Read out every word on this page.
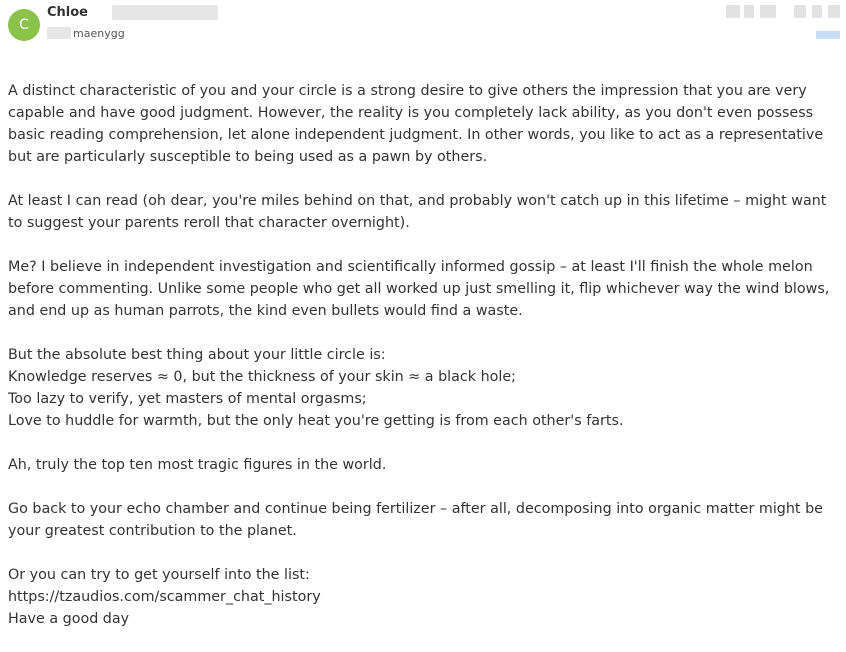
C
Chloe
maenygg

A distinct characteristic of you and your circle is a strong desire to give others the impression that you are very capable and have good judgment. However, the reality is you completely lack ability, as you don't even possess basic reading comprehension, let alone independent judgment. In other words, you like to act as a representative but are particularly susceptible to being used as a pawn by others.

At least I can read (oh dear, you're miles behind on that, and probably won't catch up in this lifetime – might want to suggest your parents reroll that character overnight).

Me? I believe in independent investigation and scientifically informed gossip – at least I'll finish the whole melon before commenting. Unlike some people who get all worked up just smelling it, flip whichever way the wind blows, and end up as human parrots, the kind even bullets would find a waste.

But the absolute best thing about your little circle is:
Knowledge reserves ≈ 0, but the thickness of your skin ≈ a black hole;
Too lazy to verify, yet masters of mental orgasms;
Love to huddle for warmth, but the only heat you're getting is from each other's farts.

Ah, truly the top ten most tragic figures in the world.

Go back to your echo chamber and continue being fertilizer – after all, decomposing into organic matter might be your greatest contribution to the planet.

Or you can try to get yourself into the list:
https://tzaudios.com/scammer_chat_history
Have a good day
